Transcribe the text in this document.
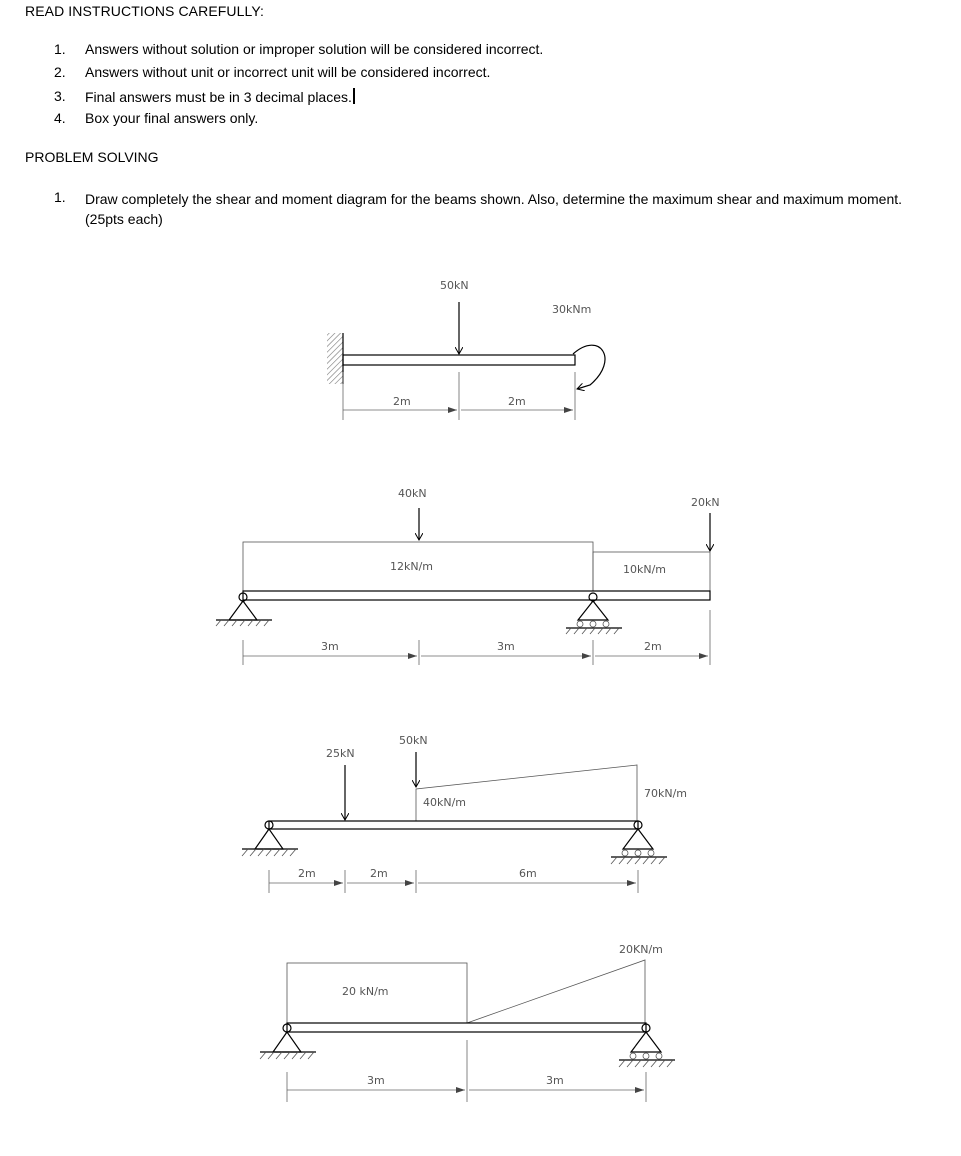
READ INSTRUCTIONS CAREFULLY:
1. Answers without solution or improper solution will be considered incorrect.
2. Answers without unit or incorrect unit will be considered incorrect.
3. Final answers must be in 3 decimal places.
4. Box your final answers only.
PROBLEM SOLVING
1. Draw completely the shear and moment diagram for the beams shown. Also, determine the maximum shear and maximum moment. (25pts each)
50kN
30kNm
2m	2m
40kN
20kN
12kN/m	10kN/m
3m	3m	2m
25kN
50kN
40kN/m
70kN/m
2m	2m	6m
20 kN/m
20KN/m
3m	3m
